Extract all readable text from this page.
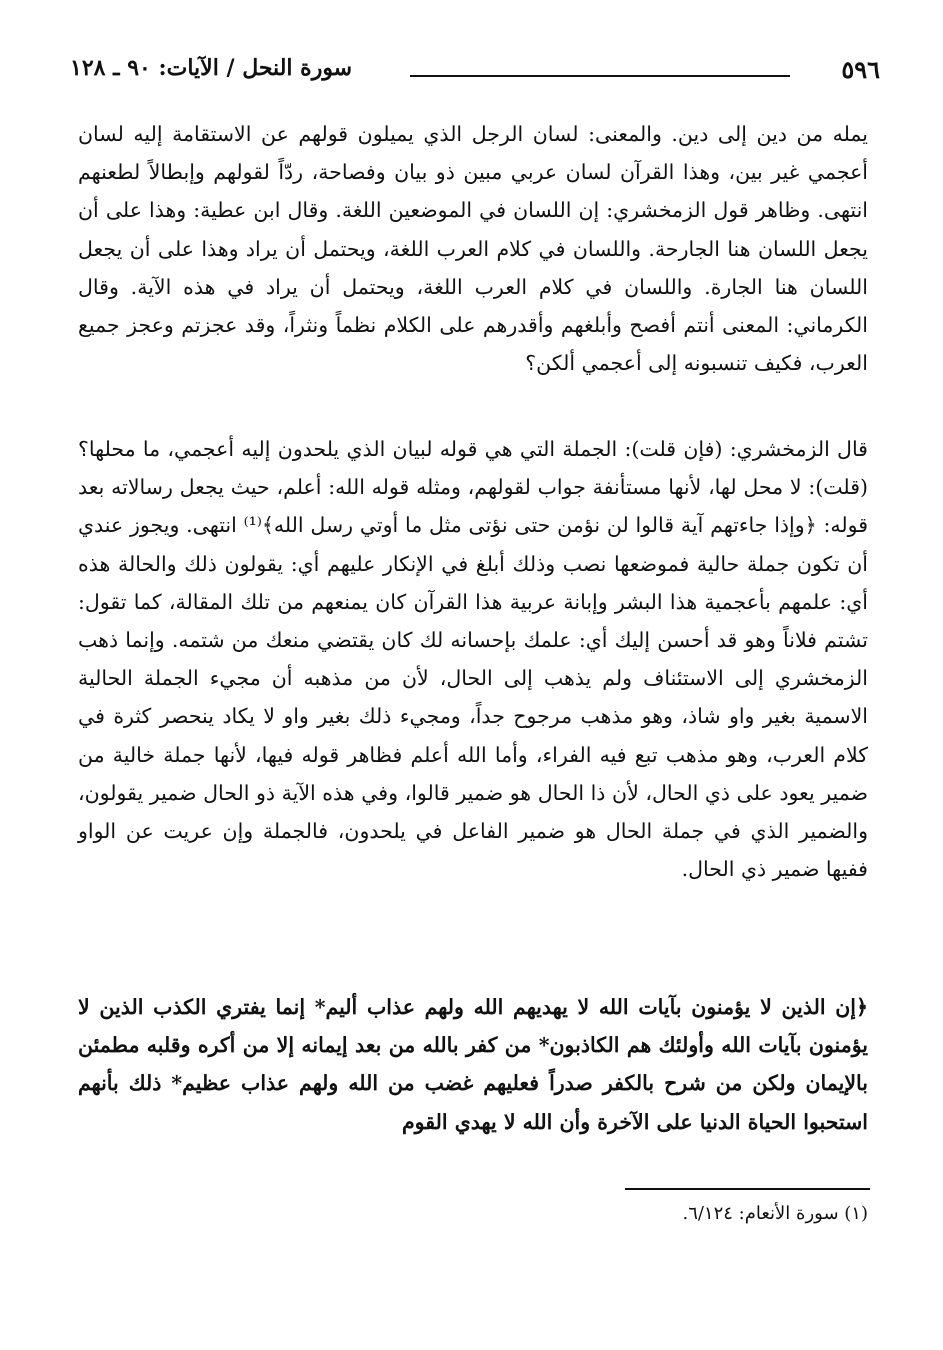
٥٩٦
سورة النحل / الآيات: ٩٠ ـ ١٢٨

يمله من دين إلى دين. والمعنى: لسان الرجل الذي يميلون قولهم عن الاستقامة إليه لسان أعجمي غير بين، وهذا القرآن لسان عربي مبين ذو بيان وفصاحة، ردّاً لقولهم وإبطالاً لطعنهم انتهى. وظاهر قول الزمخشري: إن اللسان في الموضعين اللغة. وقال ابن عطية: وهذا على أن يجعل اللسان هنا الجارحة. واللسان في كلام العرب اللغة، ويحتمل أن يراد وهذا على أن يجعل اللسان هنا الجارة. واللسان في كلام العرب اللغة، ويحتمل أن يراد في هذه الآية. وقال الكرماني: المعنى أنتم أفصح وأبلغهم وأقدرهم على الكلام نظماً ونثراً، وقد عجزتم وعجز جميع العرب، فكيف تنسبونه إلى أعجمي ألكن؟

قال الزمخشري: (فإن قلت): الجملة التي هي قوله لبيان الذي يلحدون إليه أعجمي، ما محلها؟ (قلت): لا محل لها، لأنها مستأنفة جواب لقولهم، ومثله قوله الله: أعلم، حيث يجعل رسالاته بعد قوله: ﴿وإذا جاءتهم آية قالوا لن نؤمن حتى نؤتى مثل ما أوتي رسل الله﴾⁽¹⁾ انتهى. ويجوز عندي أن تكون جملة حالية فموضعها نصب وذلك أبلغ في الإنكار عليهم أي: يقولون ذلك والحالة هذه أي: علمهم بأعجمية هذا البشر وإبانة عربية هذا القرآن كان يمنعهم من تلك المقالة، كما تقول: تشتم فلاناً وهو قد أحسن إليك أي: علمك بإحسانه لك كان يقتضي منعك من شتمه. وإنما ذهب الزمخشري إلى الاستئناف ولم يذهب إلى الحال، لأن من مذهبه أن مجيء الجملة الحالية الاسمية بغير واو شاذ، وهو مذهب مرجوح جداً، ومجيء ذلك بغير واو لا يكاد ينحصر كثرة في كلام العرب، وهو مذهب تبع فيه الفراء، وأما الله أعلم فظاهر قوله فيها، لأنها جملة خالية من ضمير يعود على ذي الحال، لأن ذا الحال هو ضمير قالوا، وفي هذه الآية ذو الحال ضمير يقولون، والضمير الذي في جملة الحال هو ضمير الفاعل في يلحدون، فالجملة وإن عريت عن الواو ففيها ضمير ذي الحال.

﴿إن الذين لا يؤمنون بآيات الله لا يهديهم الله ولهم عذاب أليم* إنما يفتري الكذب الذين لا يؤمنون بآيات الله وأولئك هم الكاذبون* من كفر بالله من بعد إيمانه إلا من أكره وقلبه مطمئن بالإيمان ولكن من شرح بالكفر صدراً فعليهم غضب من الله ولهم عذاب عظيم* ذلك بأنهم استحبوا الحياة الدنيا على الآخرة وأن الله لا يهدي القوم

(١) سورة الأنعام: ٦/١٢٤.
